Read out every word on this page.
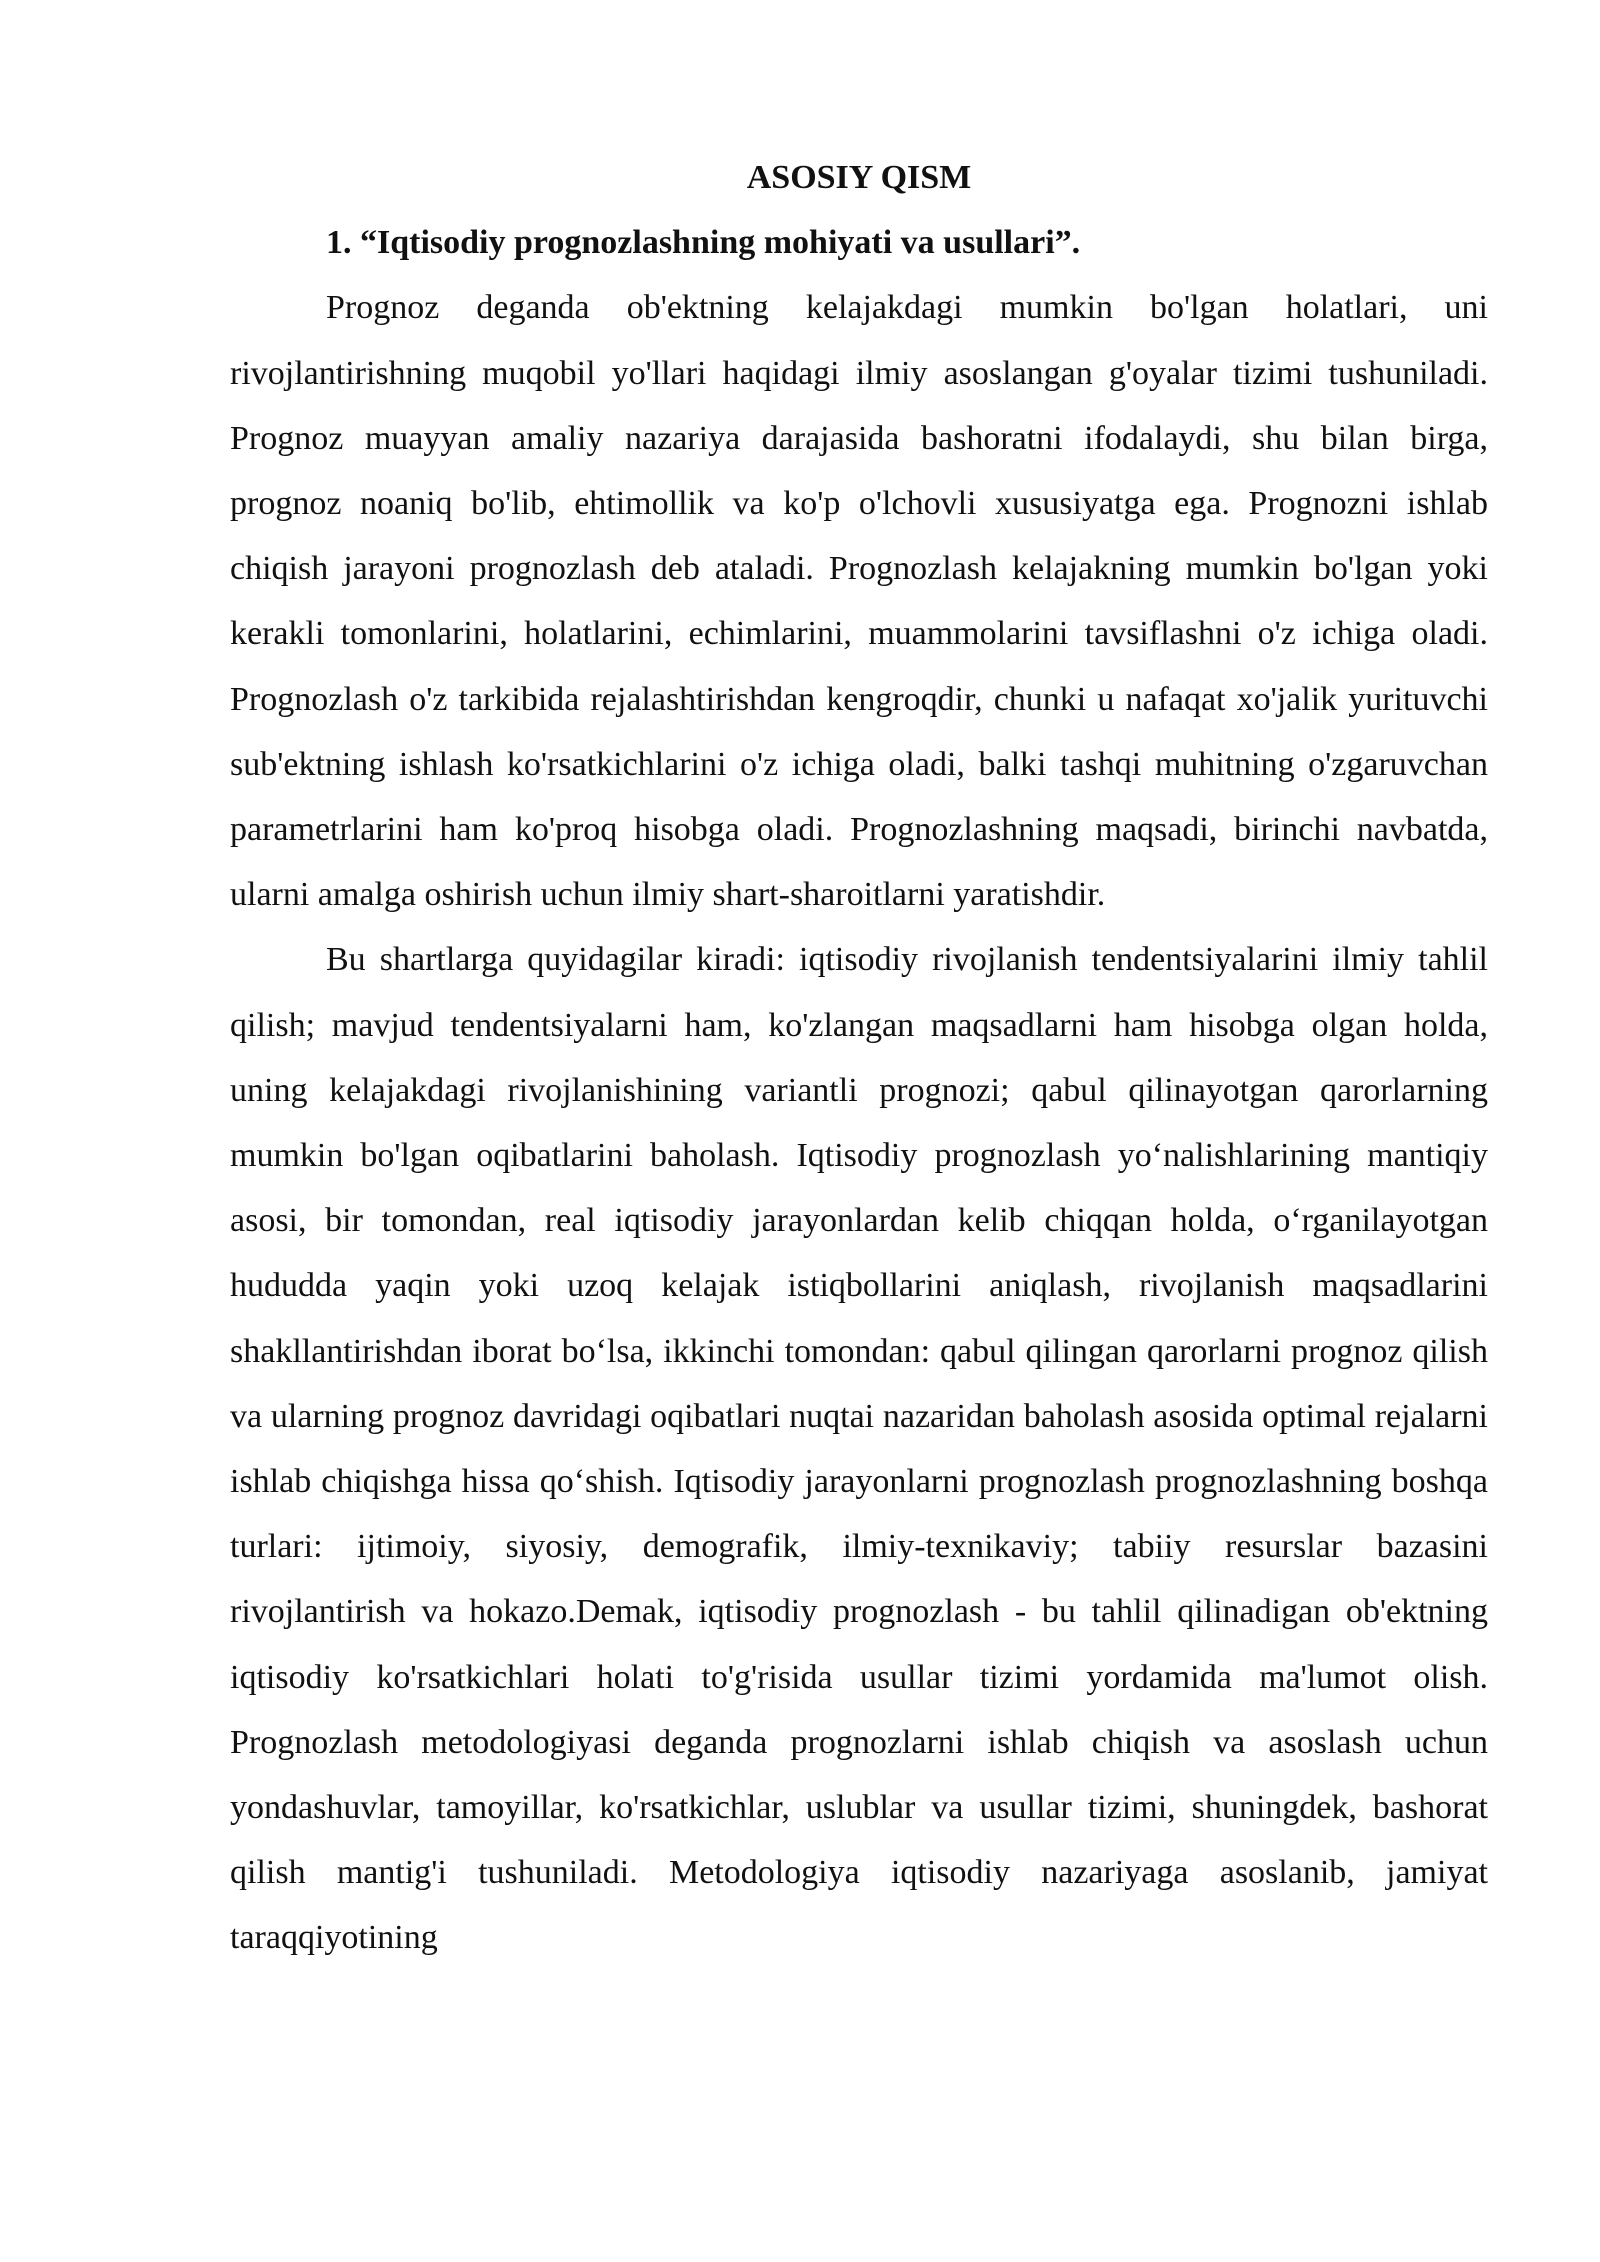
ASOSIY QISM
1. “Iqtisodiy prognozlashning mohiyati va usullari”.

Prognoz deganda ob'ektning kelajakdagi mumkin bo'lgan holatlari, uni rivojlantirishning muqobil yo'llari haqidagi ilmiy asoslangan g'oyalar tizimi tushuniladi. Prognoz muayyan amaliy nazariya darajasida bashoratni ifodalaydi, shu bilan birga, prognoz noaniq bo'lib, ehtimollik va ko'p o'lchovli xususiyatga ega. Prognozni ishlab chiqish jarayoni prognozlash deb ataladi. Prognozlash kelajakning mumkin bo'lgan yoki kerakli tomonlarini, holatlarini, echimlarini, muammolarini tavsiflashni o'z ichiga oladi. Prognozlash o'z tarkibida rejalashtirishdan kengroqdir, chunki u nafaqat xo'jalik yurituvchi sub'ektning ishlash ko'rsatkichlarini o'z ichiga oladi, balki tashqi muhitning o'zgaruvchan parametrlarini ham ko'proq hisobga oladi. Prognozlashning maqsadi, birinchi navbatda, ularni amalga oshirish uchun ilmiy shart-sharoitlarni yaratishdir.

Bu shartlarga quyidagilar kiradi: iqtisodiy rivojlanish tendentsiyalarini ilmiy tahlil qilish; mavjud tendentsiyalarni ham, ko'zlangan maqsadlarni ham hisobga olgan holda, uning kelajakdagi rivojlanishining variantli prognozi; qabul qilinayotgan qarorlarning mumkin bo'lgan oqibatlarini baholash. Iqtisodiy prognozlash yo‘nalishlarining mantiqiy asosi, bir tomondan, real iqtisodiy jarayonlardan kelib chiqqan holda, o‘rganilayotgan hududda yaqin yoki uzoq kelajak istiqbollarini aniqlash, rivojlanish maqsadlarini shakllantirishdan iborat bo‘lsa, ikkinchi tomondan: qabul qilingan qarorlarni prognoz qilish va ularning prognoz davridagi oqibatlari nuqtai nazaridan baholash asosida optimal rejalarni ishlab chiqishga hissa qo‘shish. Iqtisodiy jarayonlarni prognozlash prognozlashning boshqa turlari: ijtimoiy, siyosiy, demografik, ilmiy-texnikaviy; tabiiy resurslar bazasini rivojlantirish va hokazo.Demak, iqtisodiy prognozlash - bu tahlil qilinadigan ob'ektning iqtisodiy ko'rsatkichlari holati to'g'risida usullar tizimi yordamida ma'lumot olish. Prognozlash metodologiyasi deganda prognozlarni ishlab chiqish va asoslash uchun yondashuvlar, tamoyillar, ko'rsatkichlar, uslublar va usullar tizimi, shuningdek, bashorat qilish mantig'i tushuniladi. Metodologiya iqtisodiy nazariyaga asoslanib, jamiyat taraqqiyotining
